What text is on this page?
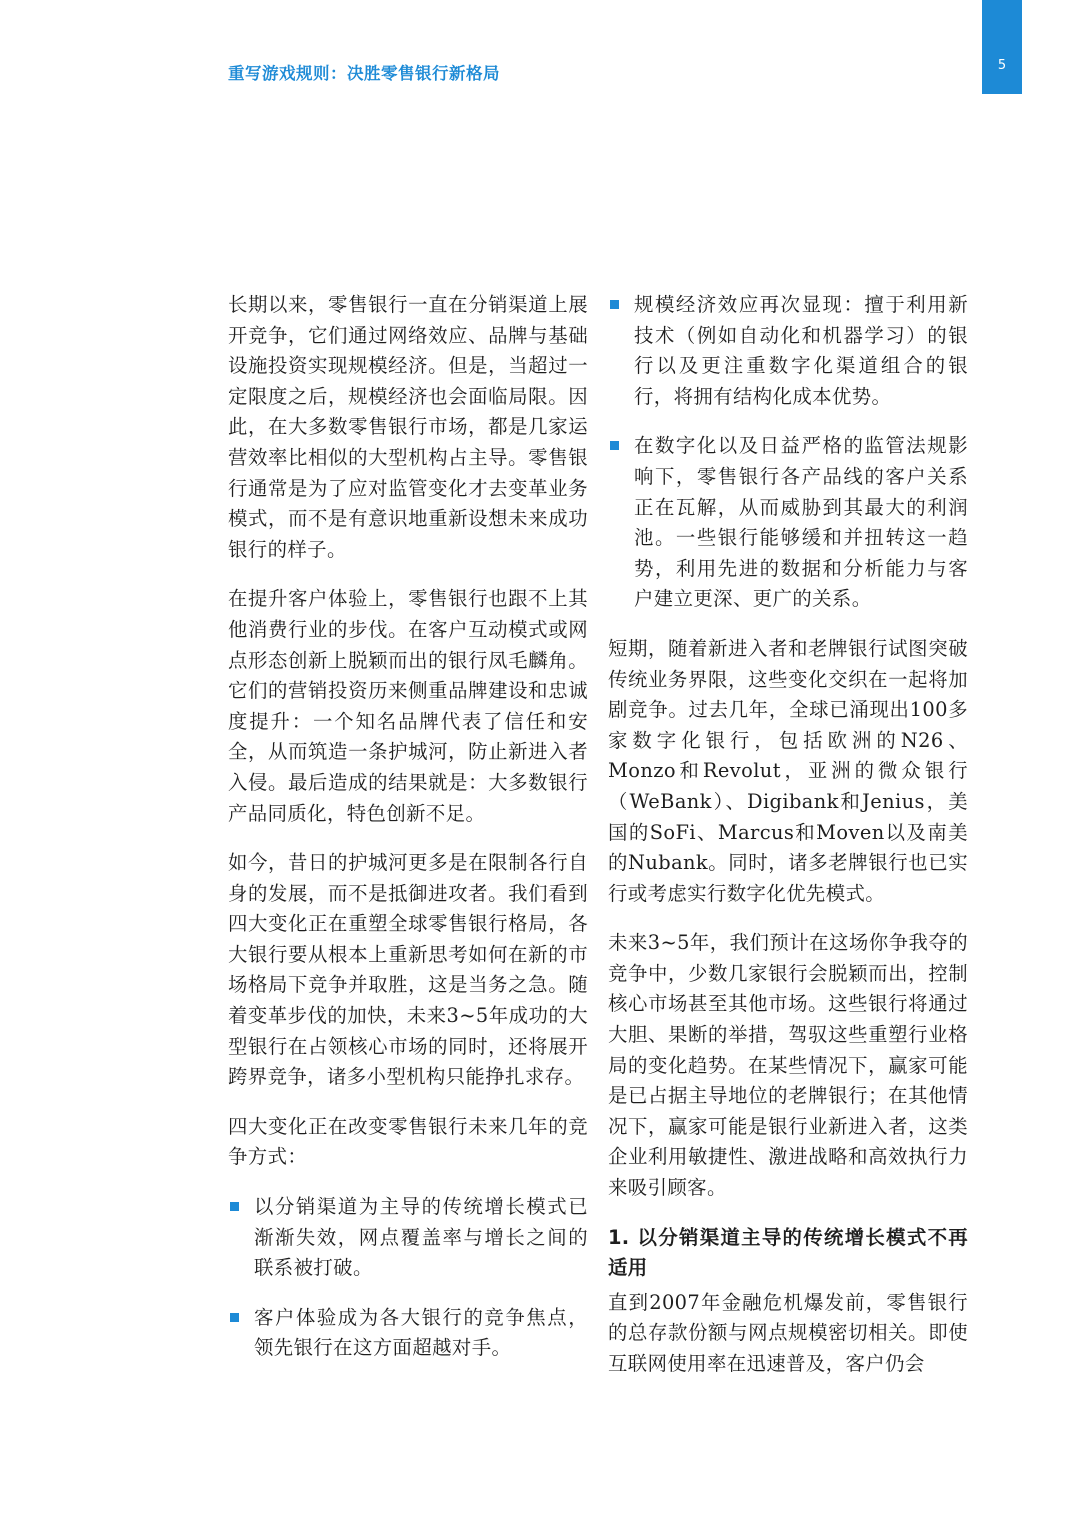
5
重写游戏规则：决胜零售银行新格局

长期以来，零售银行一直在分销渠道上展开竞争，它们通过网络效应、品牌与基础设施投资实现规模经济。但是，当超过一定限度之后，规模经济也会面临局限。因此，在大多数零售银行市场，都是几家运营效率比相似的大型机构占主导。零售银行通常是为了应对监管变化才去变革业务模式，而不是有意识地重新设想未来成功银行的样子。

在提升客户体验上，零售银行也跟不上其他消费行业的步伐。在客户互动模式或网点形态创新上脱颖而出的银行凤毛麟角。它们的营销投资历来侧重品牌建设和忠诚度提升：一个知名品牌代表了信任和安全，从而筑造一条护城河，防止新进入者入侵。最后造成的结果就是：大多数银行产品同质化，特色创新不足。

如今，昔日的护城河更多是在限制各行自身的发展，而不是抵御进攻者。我们看到四大变化正在重塑全球零售银行格局，各大银行要从根本上重新思考如何在新的市场格局下竞争并取胜，这是当务之急。随着变革步伐的加快，未来3~5年成功的大型银行在占领核心市场的同时，还将展开跨界竞争，诸多小型机构只能挣扎求存。

四大变化正在改变零售银行未来几年的竞争方式：

以分销渠道为主导的传统增长模式已渐渐失效，网点覆盖率与增长之间的联系被打破。
客户体验成为各大银行的竞争焦点，领先银行在这方面超越对手。
规模经济效应再次显现：擅于利用新技术（例如自动化和机器学习）的银行以及更注重数字化渠道组合的银行，将拥有结构化成本优势。
在数字化以及日益严格的监管法规影响下，零售银行各产品线的客户关系正在瓦解，从而威胁到其最大的利润池。一些银行能够缓和并扭转这一趋势，利用先进的数据和分析能力与客户建立更深、更广的关系。

短期，随着新进入者和老牌银行试图突破传统业务界限，这些变化交织在一起将加剧竞争。过去几年，全球已涌现出100多家数字化银行，包括欧洲的N26、Monzo和Revolut，亚洲的微众银行（WeBank）、Digibank和Jenius，美国的SoFi、Marcus和Moven以及南美的Nubank。同时，诸多老牌银行也已实行或考虑实行数字化优先模式。

未来3~5年，我们预计在这场你争我夺的竞争中，少数几家银行会脱颖而出，控制核心市场甚至其他市场。这些银行将通过大胆、果断的举措，驾驭这些重塑行业格局的变化趋势。在某些情况下，赢家可能是已占据主导地位的老牌银行；在其他情况下，赢家可能是银行业新进入者，这类企业利用敏捷性、激进战略和高效执行力来吸引顾客。

1. 以分销渠道主导的传统增长模式不再适用

直到2007年金融危机爆发前，零售银行的总存款份额与网点规模密切相关。即使互联网使用率在迅速普及，客户仍会
